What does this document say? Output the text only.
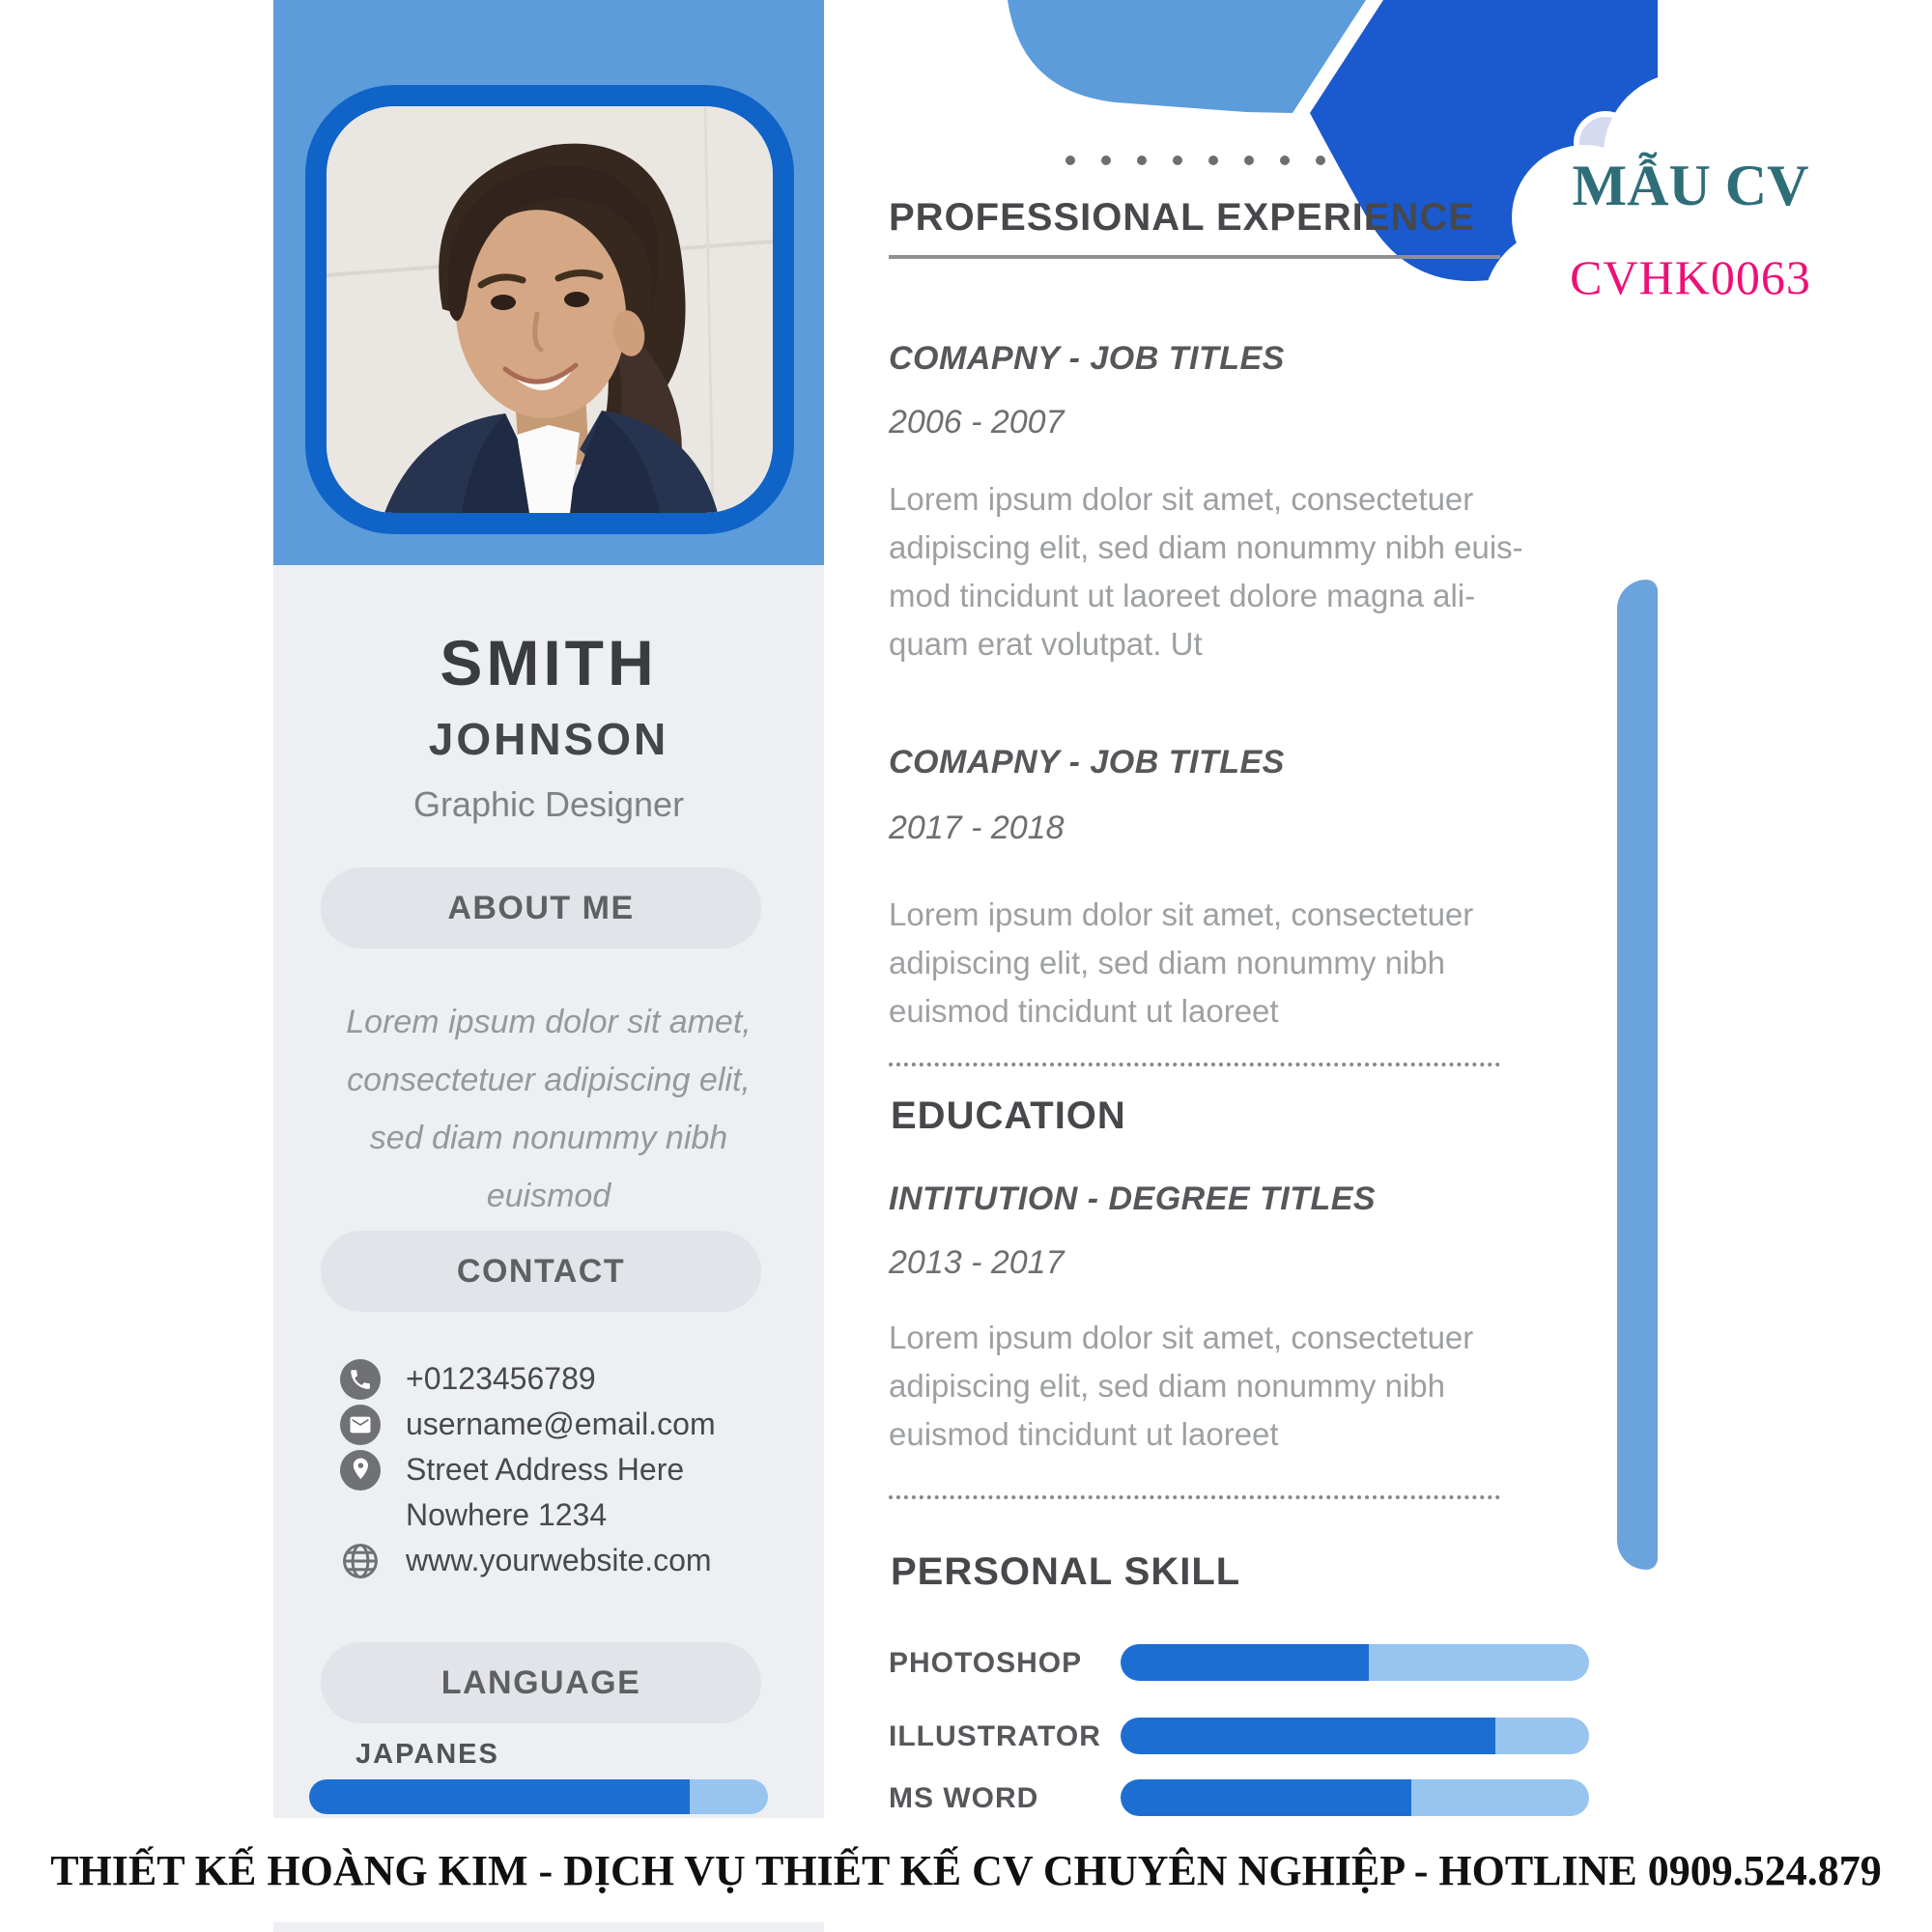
SMITH
JOHNSON
Graphic Designer
ABOUT ME
Lorem ipsum dolor sit amet,
consectetuer adipiscing elit,
sed diam nonummy nibh
euismod
CONTACT
+0123456789
username@email.com
Street Address Here
Nowhere 1234
www.yourwebsite.com
LANGUAGE
JAPANES
MẪU CV
CVHK0063
PROFESSIONAL EXPERIENCE
COMAPNY - JOB TITLES
2006 - 2007
Lorem ipsum dolor sit amet, consectetuer
adipiscing elit, sed diam nonummy nibh euis-
mod tincidunt ut laoreet dolore magna ali-
quam erat volutpat. Ut
COMAPNY - JOB TITLES
2017 - 2018
Lorem ipsum dolor sit amet, consectetuer
adipiscing elit, sed diam nonummy nibh
euismod tincidunt ut laoreet
EDUCATION
INTITUTION - DEGREE TITLES
2013 - 2017
Lorem ipsum dolor sit amet, consectetuer
adipiscing elit, sed diam nonummy nibh
euismod tincidunt ut laoreet
PERSONAL SKILL
PHOTOSHOP
ILLUSTRATOR
MS WORD
THIẾT KẾ HOÀNG KIM - DỊCH VỤ THIẾT KẾ CV CHUYÊN NGHIỆP - HOTLINE 0909.524.879
